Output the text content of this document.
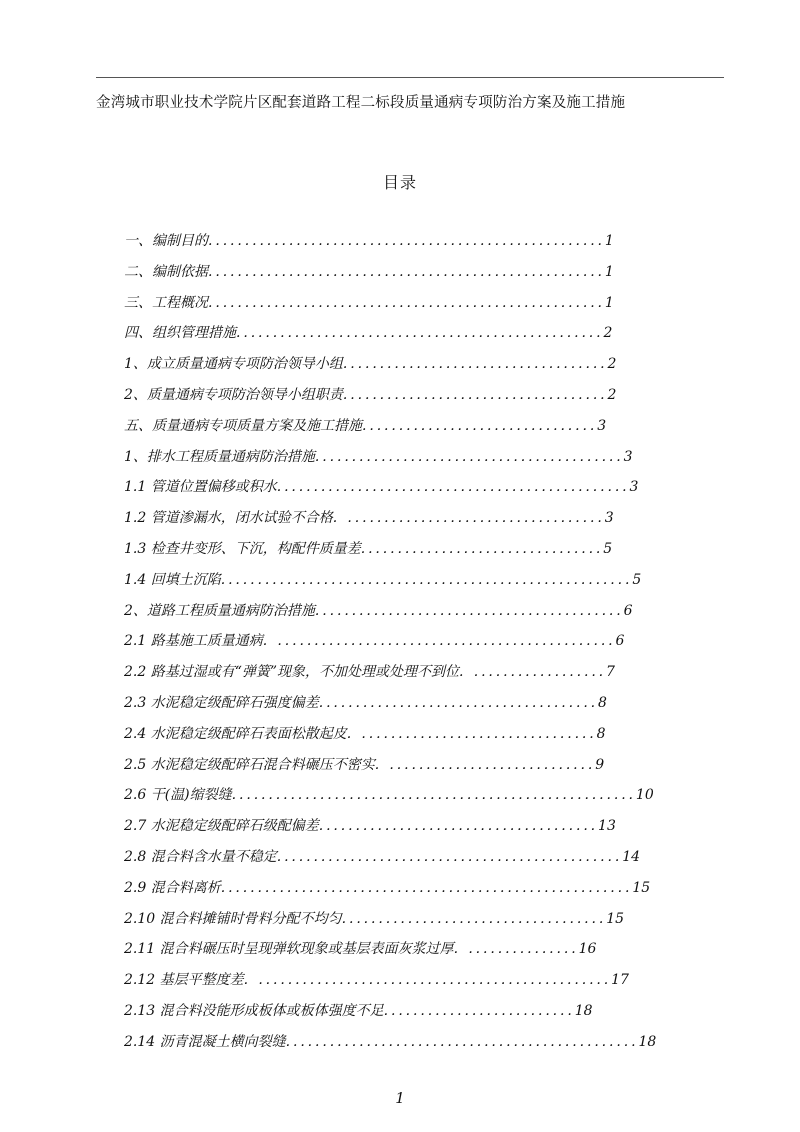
金湾城市职业技术学院片区配套道路工程二标段质量通病专项防治方案及施工措施
目录
一、编制目的......................................................1
二、编制依据......................................................1
三、工程概况......................................................1
四、组织管理措施..................................................2
1、成立质量通病专项防治领导小组....................................2
2、质量通病专项防治领导小组职责....................................2
五、质量通病专项质量方案及施工措施................................3
1、排水工程质量通病防治措施..........................................3
1.1 管道位置偏移或积水................................................3
1.2 管道渗漏水，闭水试验不合格. ...................................3
1.3 检查井变形、下沉，构配件质量差.................................5
1.4 回填土沉陷........................................................5
2、道路工程质量通病防治措施..........................................6
2.1 路基施工质量通病. ..............................................6
2.2 路基过湿或有“弹簧”现象，不加处理或处理不到位. ..................7
2.3 水泥稳定级配碎石强度偏差......................................8
2.4 水泥稳定级配碎石表面松散起皮. ................................8
2.5 水泥稳定级配碎石混合料碾压不密实. ............................9
2.6 干(温)缩裂缝.......................................................10
2.7 水泥稳定级配碎石级配偏差......................................13
2.8 混合料含水量不稳定...............................................14
2.9 混合料离析........................................................15
2.10 混合料摊铺时骨料分配不均匀....................................15
2.11 混合料碾压时呈现弹软现象或基层表面灰浆过厚. ...............16
2.12 基层平整度差. ................................................17
2.13 混合料没能形成板体或板体强度不足..........................18
2.14 沥青混凝土横向裂缝................................................18
1
